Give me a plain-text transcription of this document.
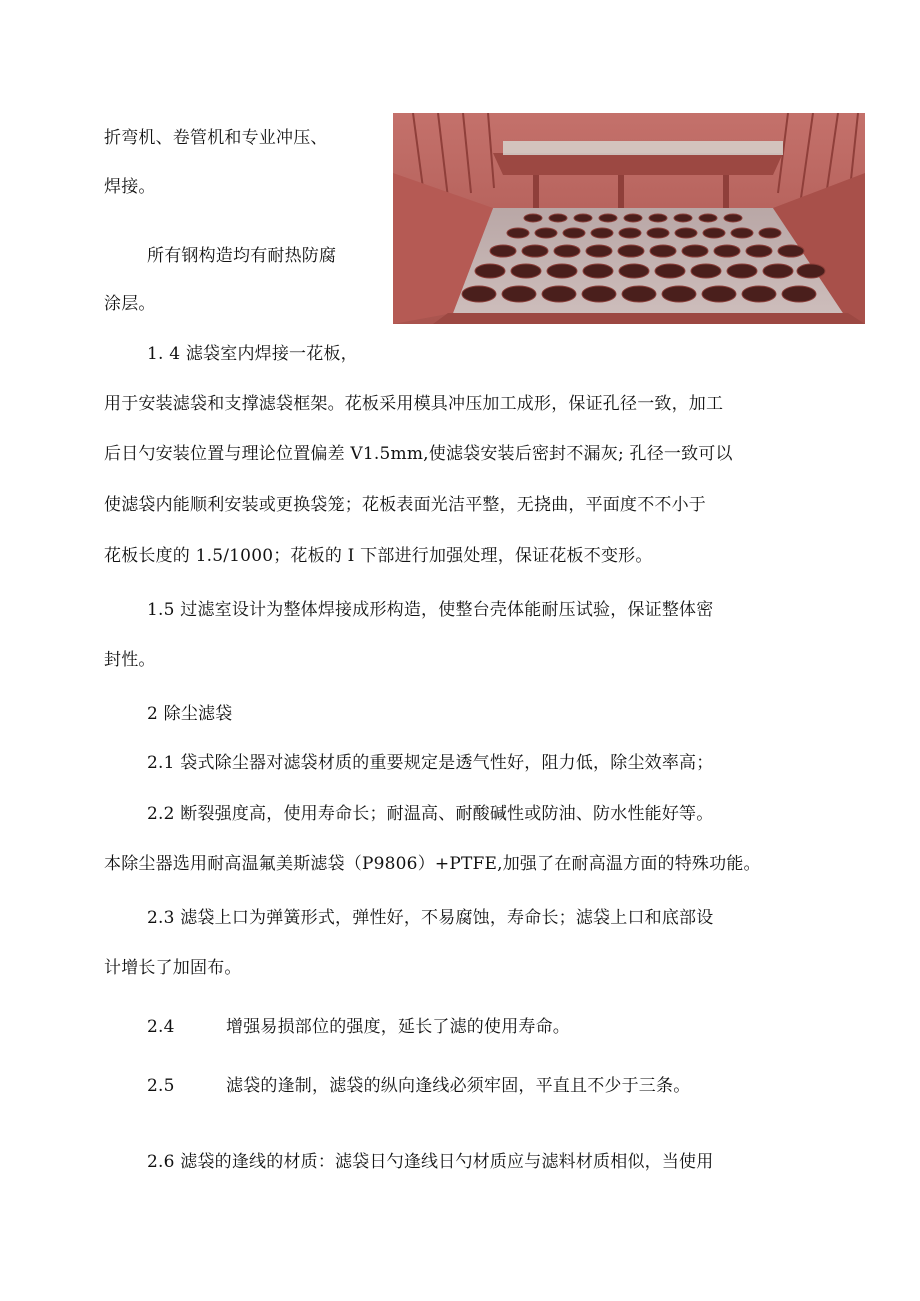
折弯机、卷管机和专业冲压、
焊接。
所有钢构造均有耐热防腐
涂层。
1. 4 滤袋室内焊接一花板，
用于安装滤袋和支撑滤袋框架。花板采用模具冲压加工成形，保证孔径一致，加工
后日勺安装位置与理论位置偏差 V1.5mm,使滤袋安装后密封不漏灰; 孔径一致可以
使滤袋内能顺利安装或更换袋笼；花板表面光洁平整，无挠曲，平面度不不小于
花板长度的 1.5/1000；花板的 I 下部进行加强处理，保证花板不变形。
1.5 过滤室设计为整体焊接成形构造，使整台壳体能耐压试验，保证整体密
封性。
2 除尘滤袋
2.1 袋式除尘器对滤袋材质的重要规定是透气性好，阻力低，除尘效率高；
2.2 断裂强度高，使用寿命长；耐温高、耐酸碱性或防油、防水性能好等。
本除尘器选用耐高温氟美斯滤袋（P9806）+PTFE,加强了在耐高温方面的特殊功能。
2.3 滤袋上口为弹簧形式，弹性好，不易腐蚀，寿命长；滤袋上口和底部设
计增长了加固布。
2.4	增强易损部位的强度，延长了滤的使用寿命。
2.5	滤袋的逢制，滤袋的纵向逢线必须牢固，平直且不少于三条。
2.6 滤袋的逢线的材质：滤袋日勺逢线日勺材质应与滤料材质相似，当使用
